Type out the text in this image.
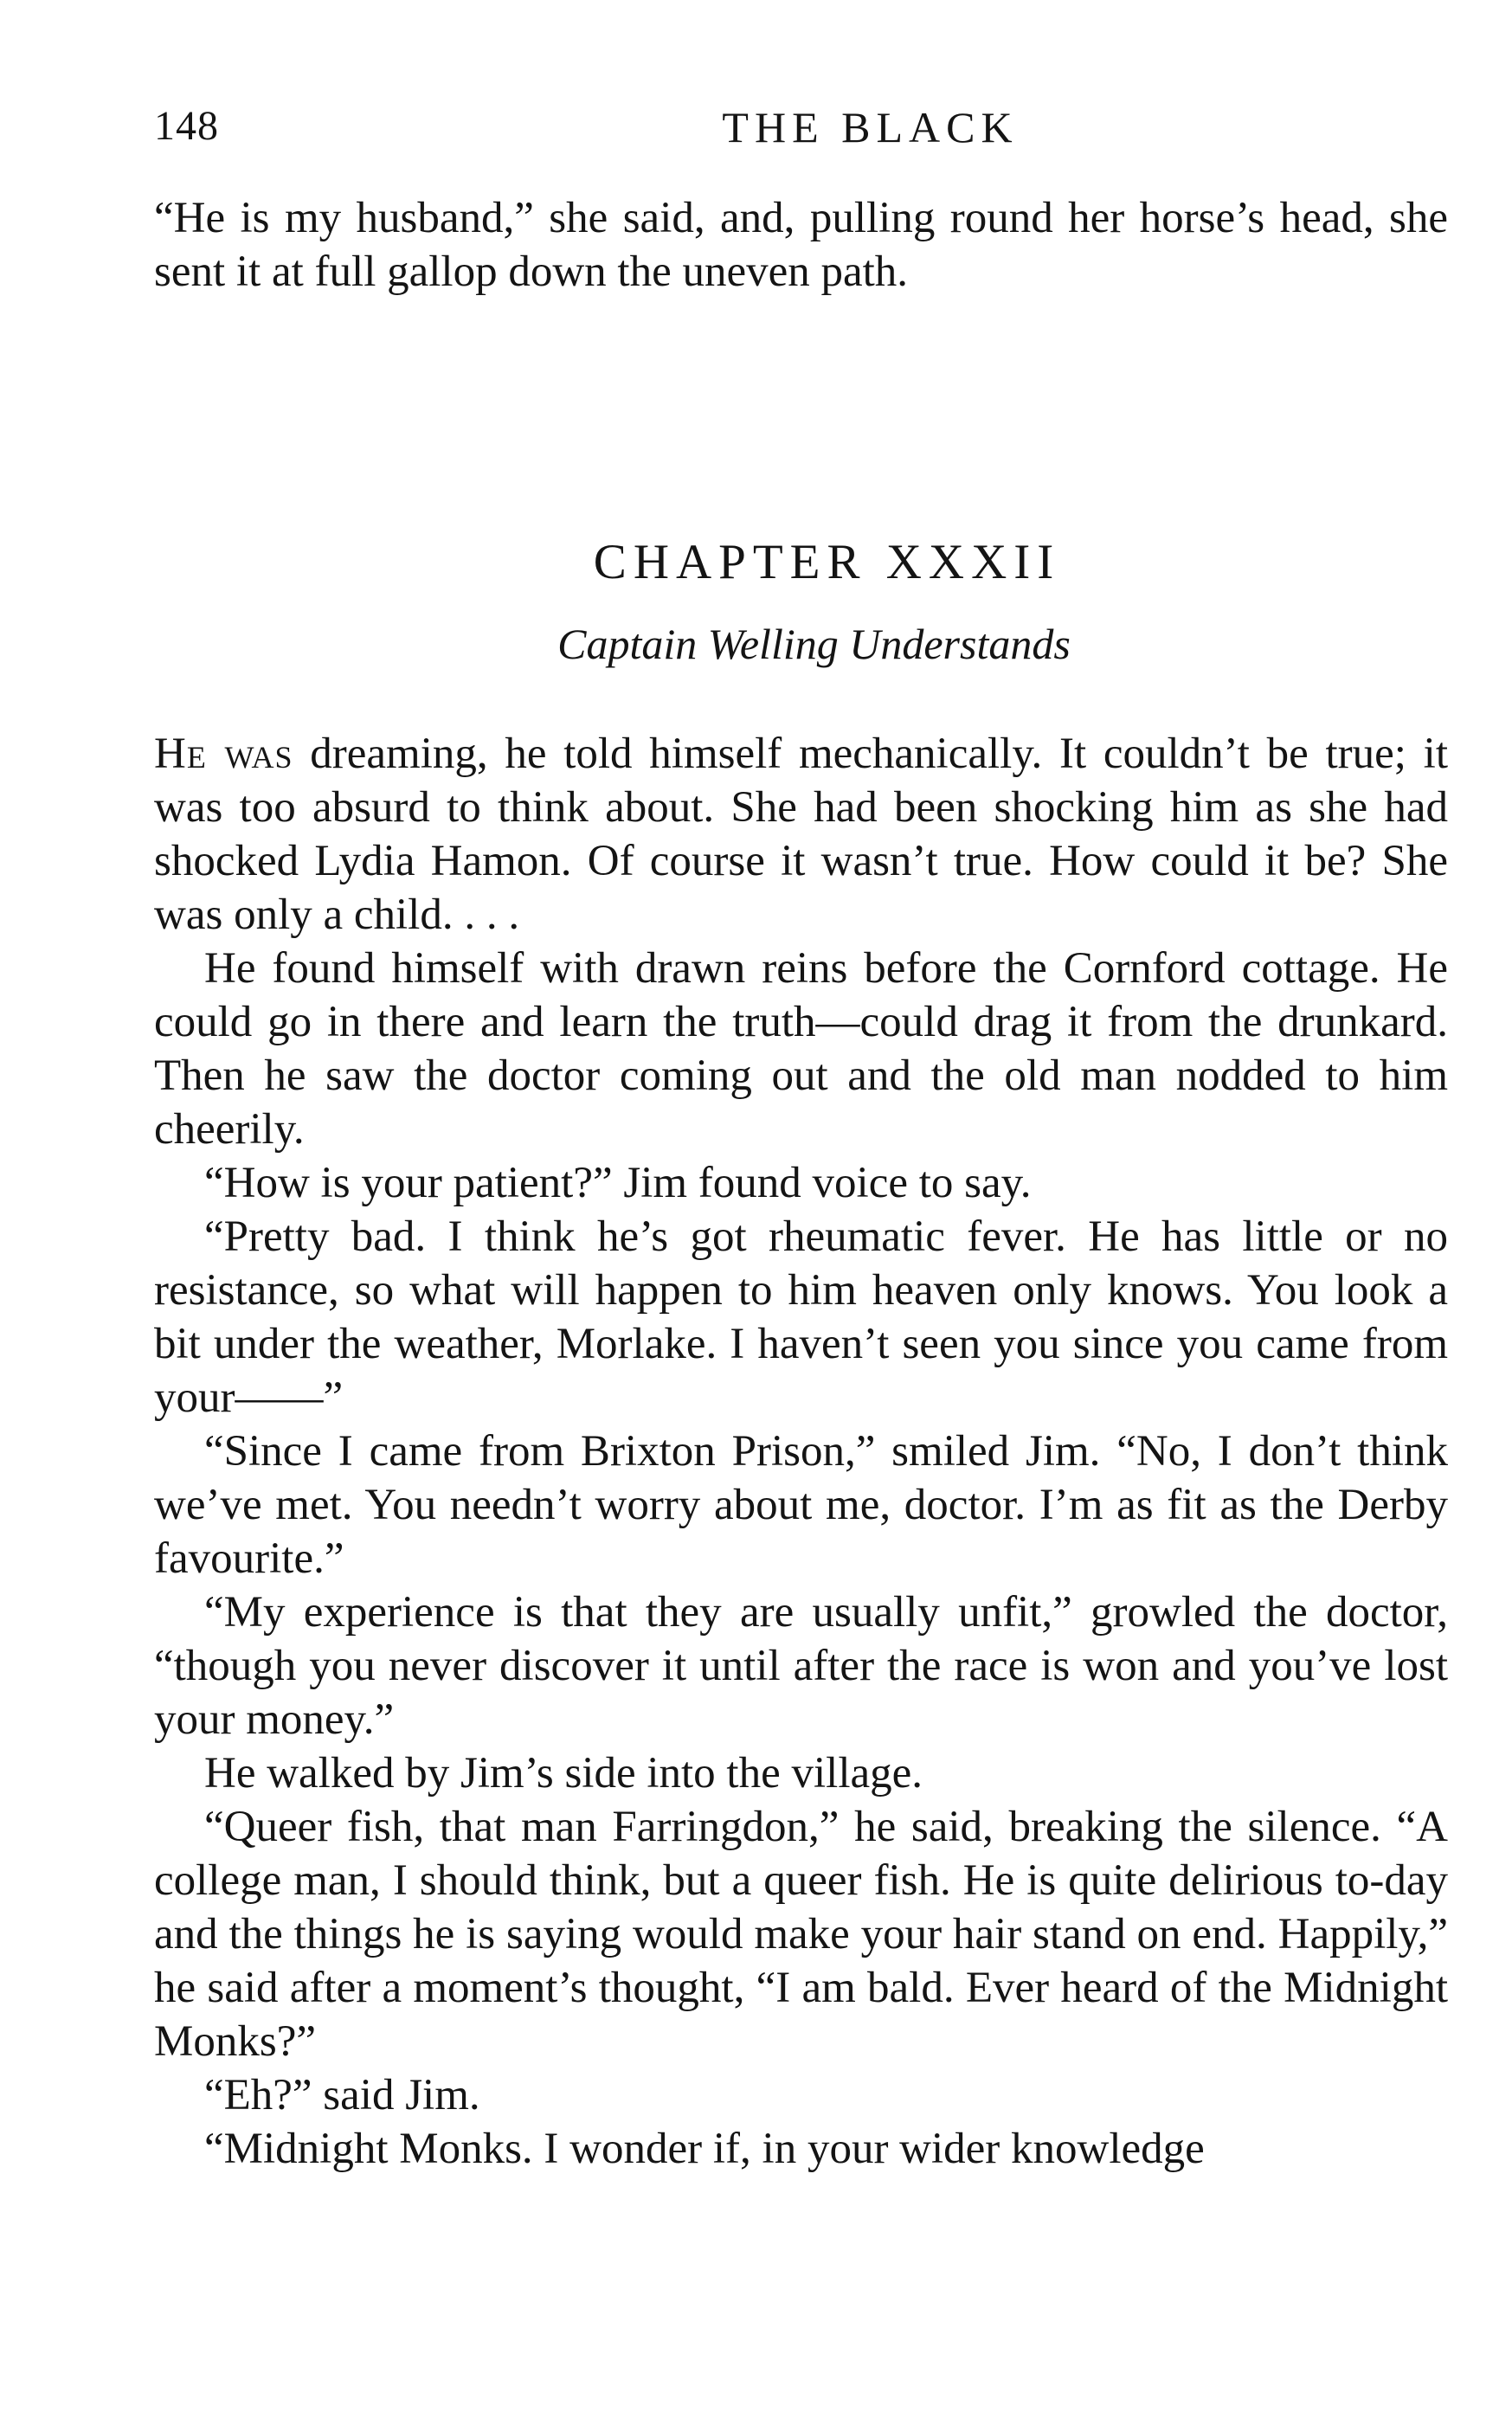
148	THE BLACK

“He is my husband,” she said, and, pulling round her horse’s head, she sent it at full gallop down the uneven path.

CHAPTER XXXII
Captain Welling Understands

He was dreaming, he told himself mechanically. It couldn’t be true; it was too absurd to think about. She had been shocking him as she had shocked Lydia Hamon. Of course it wasn’t true. How could it be? She was only a child. . . .

He found himself with drawn reins before the Cornford cottage. He could go in there and learn the truth—could drag it from the drunkard. Then he saw the doctor coming out and the old man nodded to him cheerily.

“How is your patient?” Jim found voice to say.

“Pretty bad. I think he’s got rheumatic fever. He has little or no resistance, so what will happen to him heaven only knows. You look a bit under the weather, Morlake. I haven’t seen you since you came from your——”

“Since I came from Brixton Prison,” smiled Jim. “No, I don’t think we’ve met. You needn’t worry about me, doctor. I’m as fit as the Derby favourite.”

“My experience is that they are usually unfit,” growled the doctor, “though you never discover it until after the race is won and you’ve lost your money.”

He walked by Jim’s side into the village.

“Queer fish, that man Farringdon,” he said, breaking the silence. “A college man, I should think, but a queer fish. He is quite delirious to-day and the things he is saying would make your hair stand on end. Happily,” he said after a moment’s thought, “I am bald. Ever heard of the Midnight Monks?”

“Eh?” said Jim.

“Midnight Monks. I wonder if, in your wider knowledge
